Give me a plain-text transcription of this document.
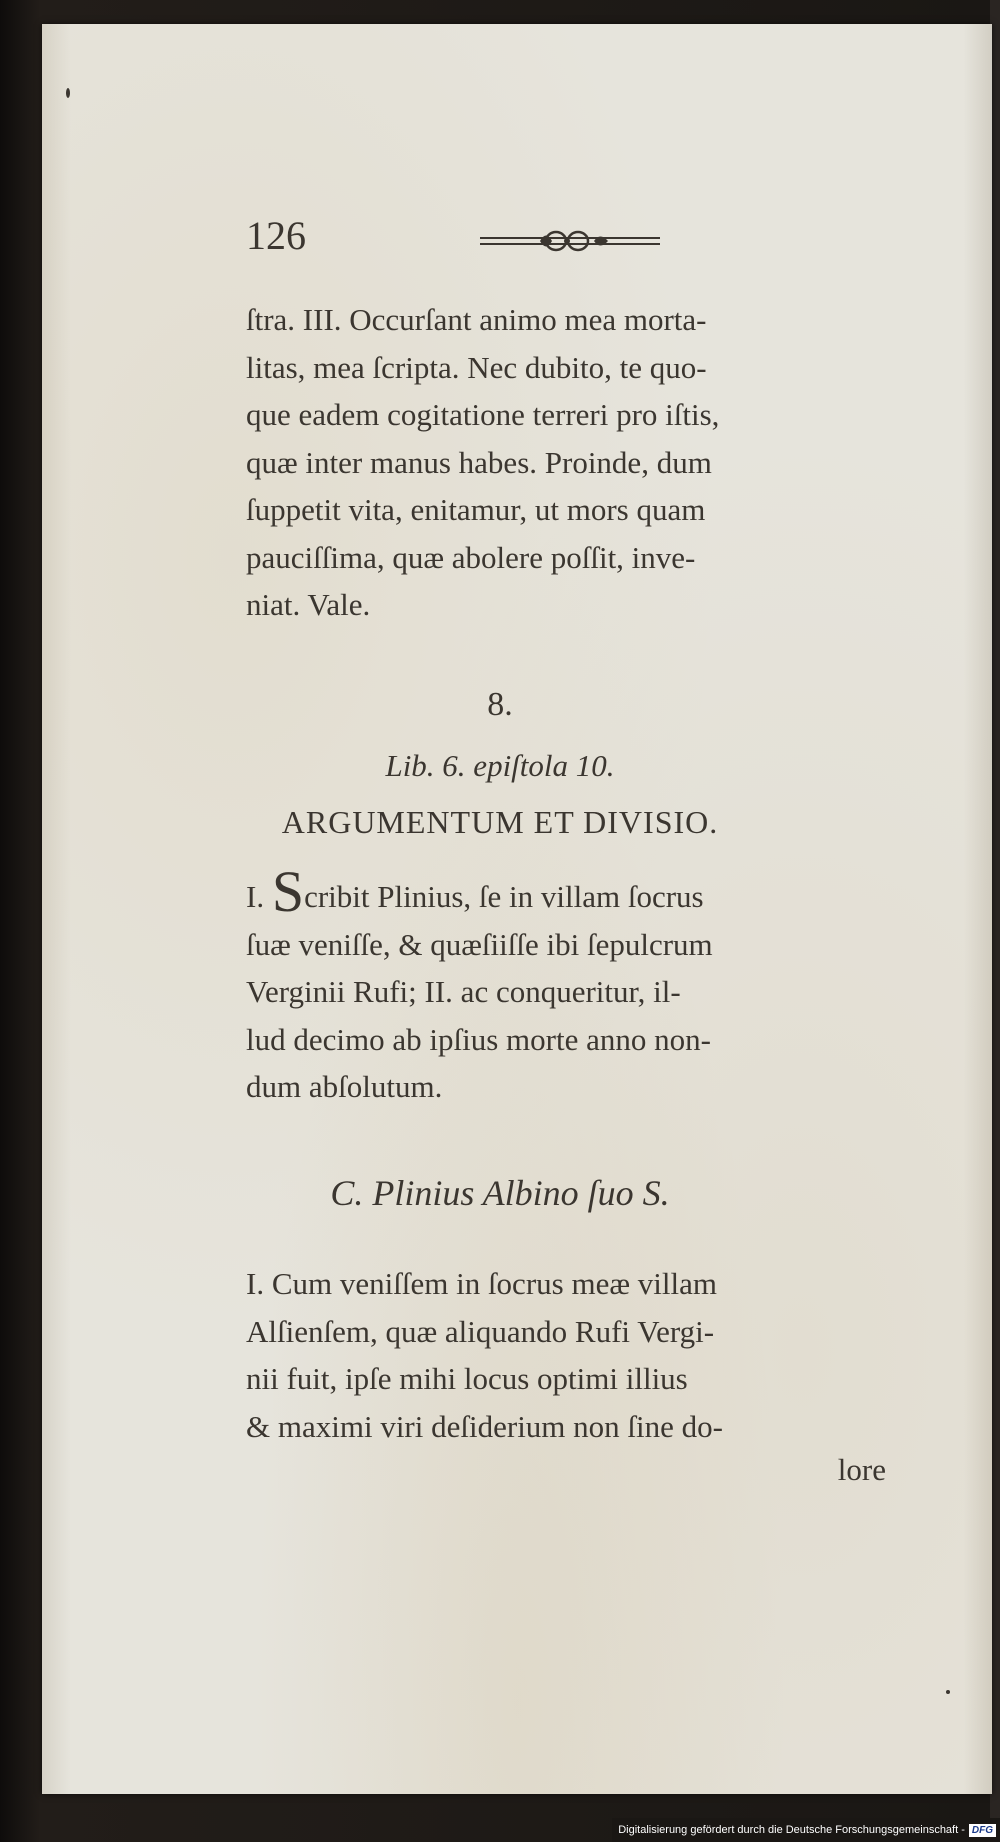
126
ſtra. III. Occurſant animo mea morta-
litas, mea ſcripta. Nec dubito, te quo-
que eadem cogitatione terreri pro iſtis,
quæ inter manus habes. Proinde, dum
ſuppetit vita, enitamur, ut mors quam
pauciſſima, quæ abolere poſſit, inve-
niat. Vale.
8.
Lib. 6. epiſtola 10.
ARGUMENTUM ET DIVISIO.
I. Scribit Plinius, ſe in villam ſocrus
ſuæ veniſſe, & quæſiiſſe ibi ſepulcrum
Verginii Rufi; II. ac conqueritur, il-
lud decimo ab ipſius morte anno non-
dum abſolutum.
C. Plinius Albino ſuo S.
I. Cum veniſſem in ſocrus meæ villam
Alſienſem, quæ aliquando Rufi Vergi-
nii fuit, ipſe mihi locus optimi illius
& maximi viri deſiderium non ſine do-
lore
Digitalisierung gefördert durch die Deutsche Forschungsgemeinschaft - DFG
